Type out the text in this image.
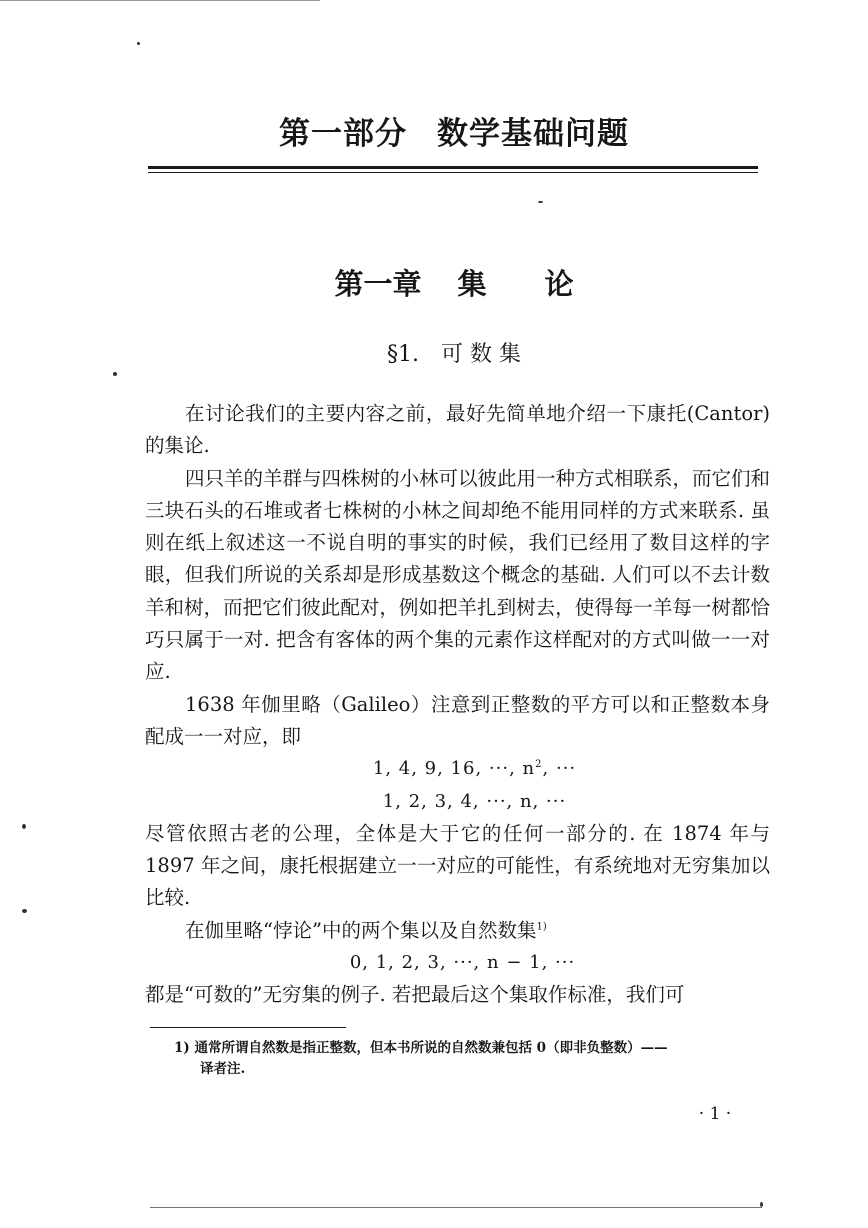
第一部分 数学基础问题
第一章 集 论
§1. 可 数 集

在讨论我们的主要内容之前，最好先简单地介绍一下康托(Cantor) 的集论.

四只羊的羊群与四株树的小林可以彼此用一种方式相联系，而它们和三块石头的石堆或者七株树的小林之间却绝不能用同样的方式来联系. 虽则在纸上叙述这一不说自明的事实的时候，我们已经用了数目这样的字眼，但我们所说的关系却是形成基数这个概念的基础. 人们可以不去计数羊和树，而把它们彼此配对，例如把羊扎到树去，使得每一羊每一树都恰巧只属于一对. 把含有客体的两个集的元素作这样配对的方式叫做一一对应.

1638 年伽里略（Galileo）注意到正整数的平方可以和正整数本身配成一一对应，即

1, 4, 9, 16, ···, $n^2$, ···

1, 2, 3, 4, ···, n, ···

尽管依照古老的公理，全体是大于它的任何一部分的. 在 1874 年与 1897 年之间，康托根据建立一一对应的可能性，有系统地对无穷集加以比较.

在伽里略“悖论”中的两个集以及自然数集$^{1)}$

0, 1, 2, 3, ···, n − 1, ···

都是“可数的”无穷集的例子. 若把最后这个集取作标准，我们可

1) 通常所谓自然数是指正整数，但本书所说的自然数兼包括 0（即非负整数）——
译者注.
· 1 ·
